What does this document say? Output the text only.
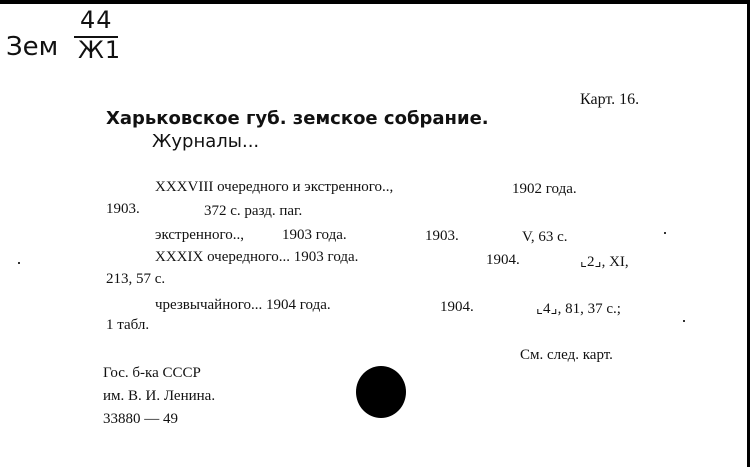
44
Зем Ж1
Карт. 16.
Харьковское губ. земское собрание.
Журналы...
XXXVIII очередного и экстренного..,	1902 года.
1903.	372 с. разд. паг.
экстренного..,	1903 года.	1903.	V, 63 с.
XXXIX очередного... 1903 года.	1904.	⌞2⌟, XI,
213, 57 с.
чрезвычайного... 1904 года.	1904.	⌞4⌟, 81, 37 с.;
1 табл.
См. след. карт.
Гос. б-ка СССР
им. В. И. Ленина.
33880 — 49
